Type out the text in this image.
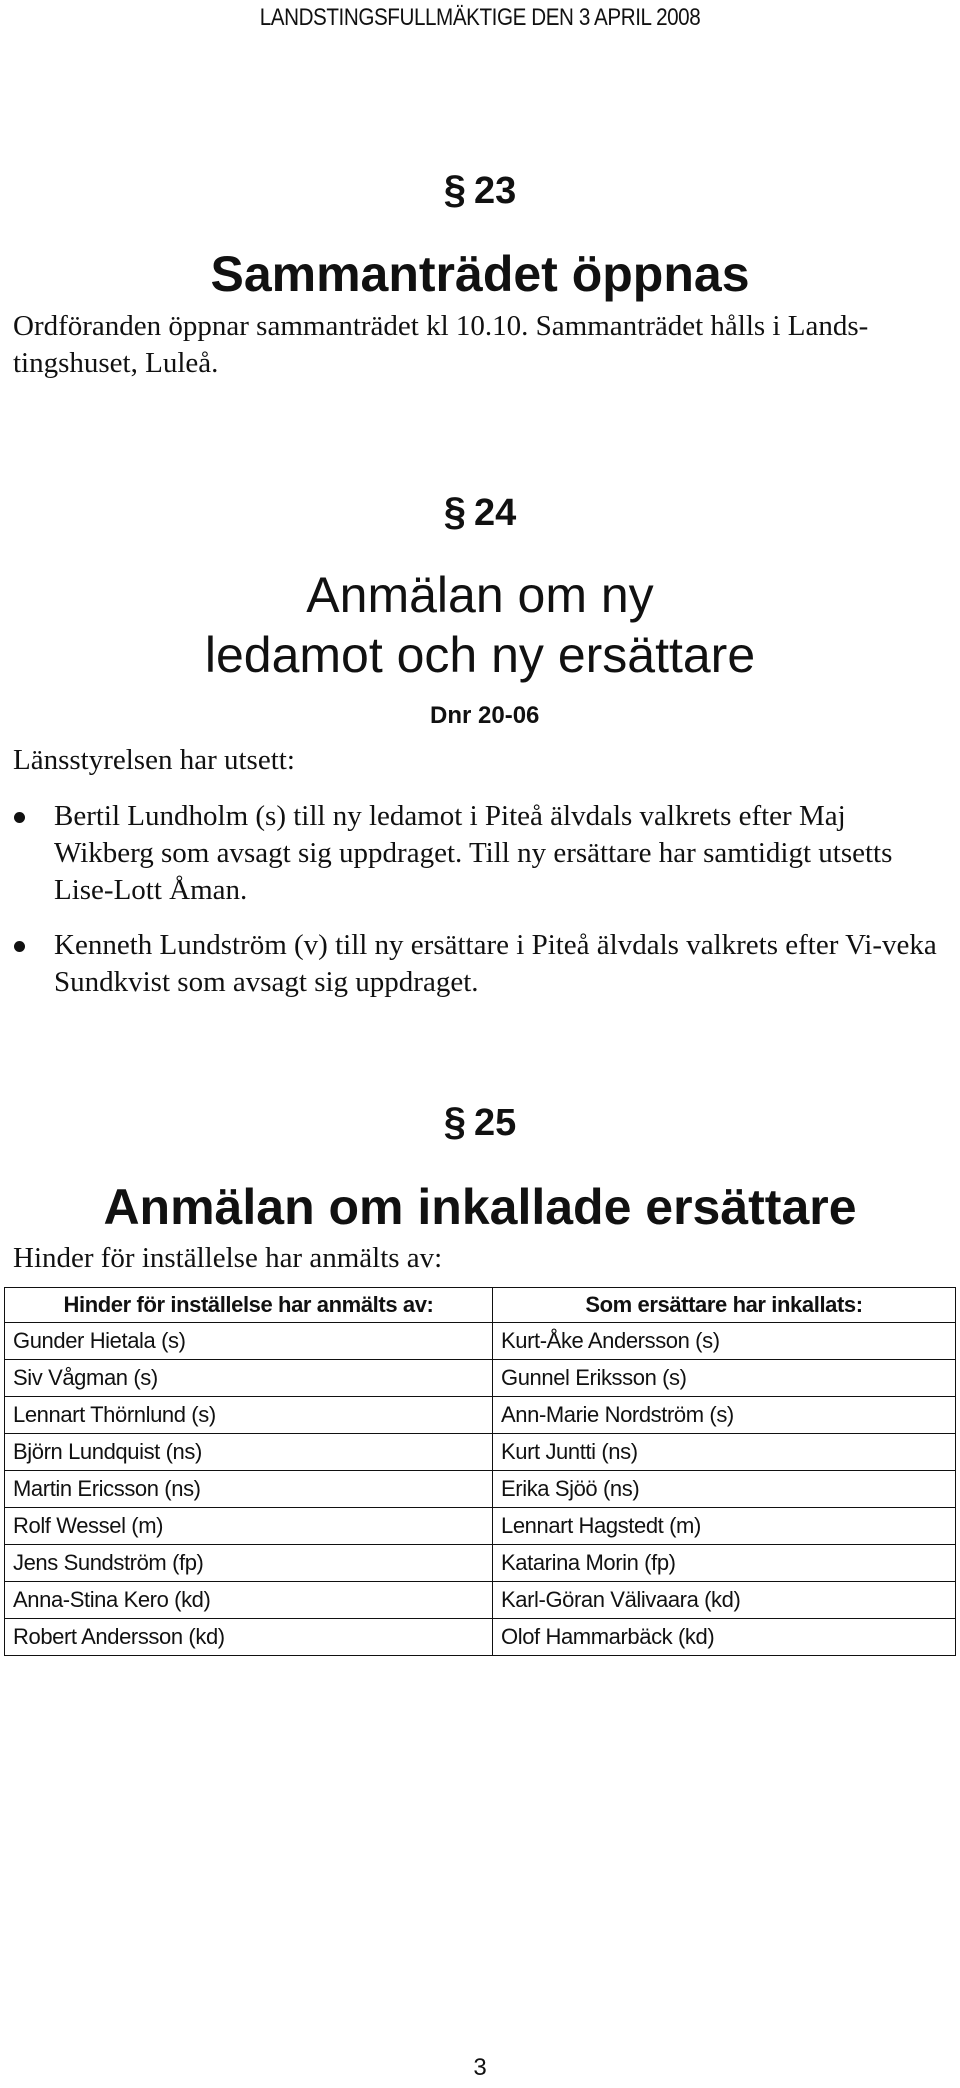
LANDSTINGSFULLMÄKTIGE DEN 3 APRIL 2008
§ 23
Sammanträdet öppnas
Ordföranden öppnar sammanträdet kl 10.10. Sammanträdet hålls i Lands-tingshuset, Luleå.
§ 24
Anmälan om ny
ledamot och ny ersättare
Dnr 20-06
Länsstyrelsen har utsett:
Bertil Lundholm (s) till ny ledamot i Piteå älvdals valkrets efter Maj Wikberg som avsagt sig uppdraget. Till ny ersättare har samtidigt utsetts Lise-Lott Åman.
Kenneth Lundström (v) till ny ersättare i Piteå älvdals valkrets efter Vi-veka Sundkvist som avsagt sig uppdraget.
§ 25
Anmälan om inkallade ersättare
Hinder för inställelse har anmälts av:
Hinder för inställelse har anmälts av:	Som ersättare har inkallats:
Gunder Hietala (s)	Kurt-Åke Andersson (s)
Siv Vågman (s)	Gunnel Eriksson (s)
Lennart Thörnlund (s)	Ann-Marie Nordström (s)
Björn Lundquist (ns)	Kurt Juntti (ns)
Martin Ericsson (ns)	Erika Sjöö (ns)
Rolf Wessel (m)	Lennart Hagstedt (m)
Jens Sundström (fp)	Katarina Morin (fp)
Anna-Stina Kero (kd)	Karl-Göran Välivaara (kd)
Robert Andersson (kd)	Olof Hammarbäck (kd)
3
